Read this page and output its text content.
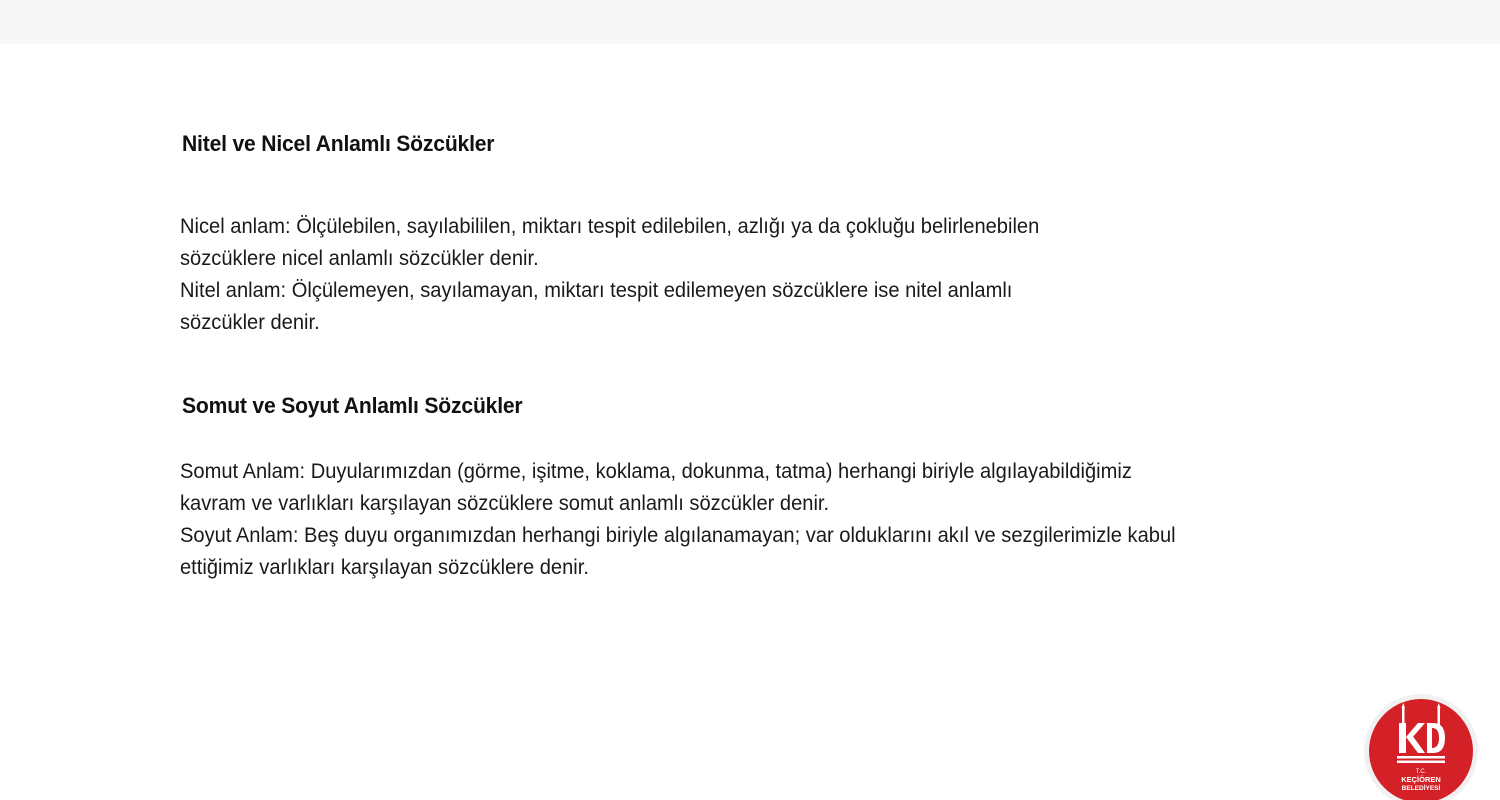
Nitel ve Nicel Anlamlı Sözcükler
Nicel anlam: Ölçülebilen, sayılabililen, miktarı tespit edilebilen, azlığı ya da çokluğu belirlenebilen
sözcüklere nicel anlamlı sözcükler denir.
Nitel anlam: Ölçülemeyen, sayılamayan, miktarı tespit edilemeyen sözcüklere ise nitel anlamlı
sözcükler denir.
Somut ve Soyut Anlamlı Sözcükler
Somut Anlam: Duyularımızdan (görme, işitme, koklama, dokunma, tatma) herhangi biriyle algılayabildiğimiz
kavram ve varlıkları karşılayan sözcüklere somut anlamlı sözcükler denir.
Soyut Anlam: Beş duyu organımızdan herhangi biriyle algılanamayan; var olduklarını akıl ve sezgilerimizle kabul
ettiğimiz varlıkları karşılayan sözcüklere denir.
T.C.
KEÇİÖREN
BELEDİYESİ
